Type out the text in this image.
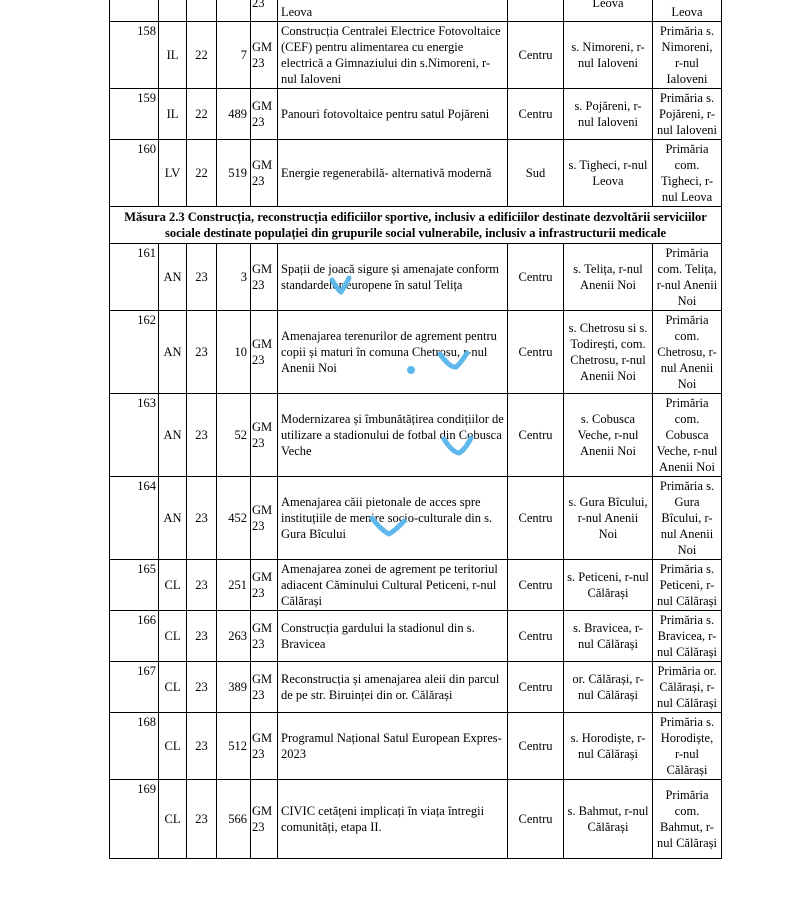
				23	Leova		Leova	Leova
158	IL	22	7	GM 23	Construcția Centralei Electrice Fotovoltaice (CEF) pentru alimentarea cu energie electrică a Gimnaziului din s.Nimoreni, r-nul Ialoveni	Centru	s. Nimoreni, r-nul Ialoveni	Primăria s. Nimoreni, r-nul Ialoveni
159	IL	22	489	GM 23	Panouri fotovoltaice pentru satul Pojăreni	Centru	s. Pojăreni, r-nul Ialoveni	Primăria s. Pojăreni, r-nul Ialoveni
160	LV	22	519	GM 23	Energie regenerabilă- alternativă modernă	Sud	s. Tigheci, r-nul Leova	Primăria com. Tigheci, r-nul Leova
Măsura 2.3 Construcția, reconstrucția edificiilor sportive, inclusiv a edificiilor destinate dezvoltării serviciilor sociale destinate populației din grupurile social vulnerabile, inclusiv a infrastructurii medicale								
161	AN	23	3	GM 23	Spații de joacă sigure și amenajate conform standardelor europene în satul Telița	Centru	s. Telița, r-nul Anenii Noi	Primăria com. Telița, r-nul Anenii Noi
162	AN	23	10	GM 23	Amenajarea terenurilor de agrement pentru copii și maturi în comuna Chetrosu, r-nul Anenii Noi	Centru	s. Chetrosu si s. Todirești, com. Chetrosu, r-nul Anenii Noi	Primăria com. Chetrosu, r-nul Anenii Noi
163	AN	23	52	GM 23	Modernizarea și îmbunătățirea condițiilor de utilizare a stadionului de fotbal din Cobusca Veche	Centru	s. Cobusca Veche, r-nul Anenii Noi	Primăria com. Cobusca Veche, r-nul Anenii Noi
164	AN	23	452	GM 23	Amenajarea căii pietonale de acces spre instituțiile de menire socio-culturale din s. Gura Bîcului	Centru	s. Gura Bîcului, r-nul Anenii Noi	Primăria s. Gura Bîcului, r-nul Anenii Noi
165	CL	23	251	GM 23	Amenajarea zonei de agrement pe teritoriul adiacent Căminului Cultural Peticeni, r-nul Călărași	Centru	s. Peticeni, r-nul Călărași	Primăria s. Peticeni, r-nul Călărași
166	CL	23	263	GM 23	Construcția gardului la stadionul din s. Bravicea	Centru	s. Bravicea, r-nul Călărași	Primăria s. Bravicea, r-nul Călărași
167	CL	23	389	GM 23	Reconstrucția și amenajarea aleii din parcul de pe str. Biruinței din or. Călărași	Centru	or. Călărași, r-nul Călărași	Primăria or. Călărași, r-nul Călărași
168	CL	23	512	GM 23	Programul Național Satul European Expres-2023	Centru	s. Horodiște, r-nul Călărași	Primăria s. Horodiște, r-nul Călărași
169	CL	23	566	GM 23	CIVIC cetățeni implicați în viața întregii comunități, etapa II.	Centru	s. Bahmut, r-nul Călărași	Primăria com. Bahmut, r-nul Călărași
